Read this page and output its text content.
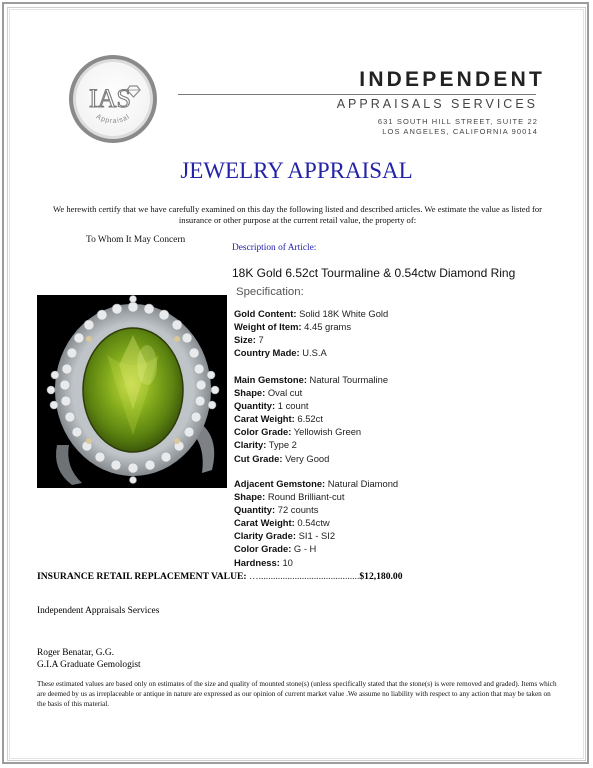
IAS
Appraisal
INDEPENDENT
APPRAISALS SERVICES
631 SOUTH HILL STREET, SUITE 22
LOS ANGELES, CALIFORNIA 90014
JEWELRY APPRAISAL
We herewith certify that we have carefully examined on this day the following listed and described articles. We estimate the value as listed for insurance or other purpose at the current retail value, the property of:
To Whom It May Concern
Description of Article:
18K Gold 6.52ct Tourmaline & 0.54ctw Diamond Ring
Specification:
Gold Content: Solid 18K White Gold
Weight of Item: 4.45 grams
Size: 7
Country Made: U.S.A
Main Gemstone: Natural Tourmaline
Shape: Oval cut
Quantity: 1 count
Carat Weight: 6.52ct
Color Grade: Yellowish Green
Clarity: Type 2
Cut Grade: Very Good
Adjacent Gemstone: Natural Diamond
Shape: Round Brilliant-cut
Quantity: 72 counts
Carat Weight: 0.54ctw
Clarity Grade: SI1 - SI2
Color Grade: G - H
Hardness: 10
INSURANCE RETAIL REPLACEMENT VALUE: …..........................................$12,180.00
Independent Appraisals Services
Roger Benatar, G.G.
G.I.A Graduate Gemologist
These estimated values are based only on estimates of the size and quality of mounted stone(s) (unless specifically stated that the stone(s) is were removed and graded). Items which are deemed by us as irreplaceable or antique in nature are expressed as our opinion of current market value .We assume no liability with respect to any action that may be taken on the basis of this material.
